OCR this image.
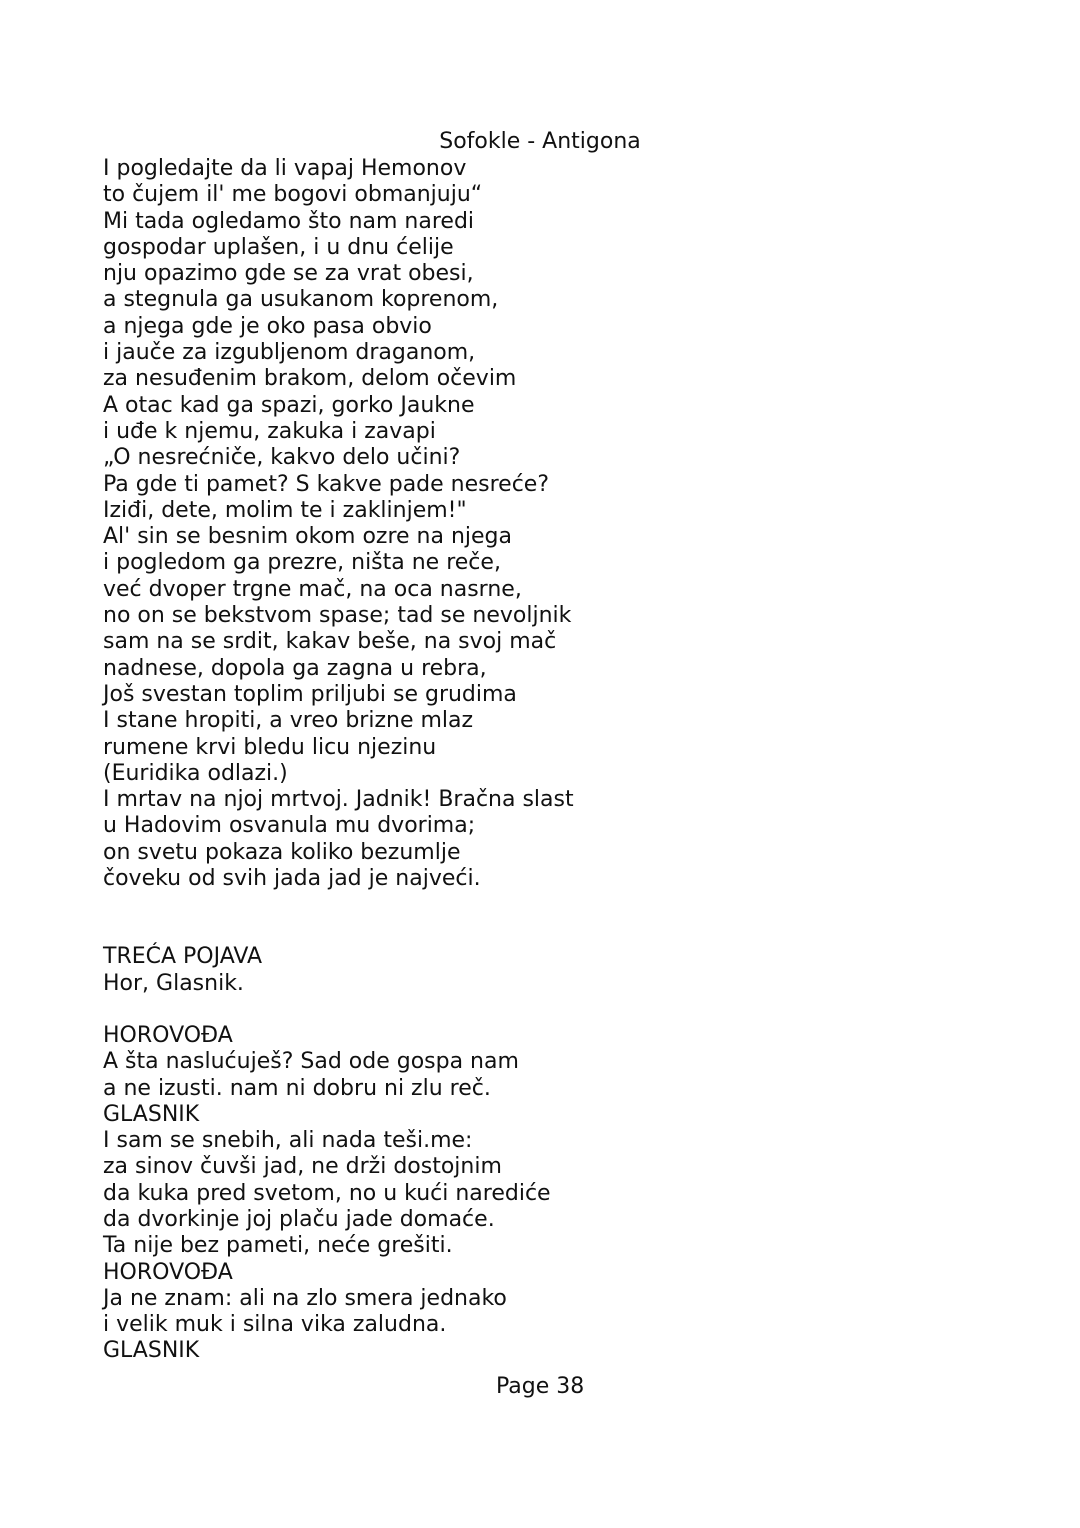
Sofokle - Antigona
I pogledajte da li vapaj Hemonov
to čujem il' me bogovi obmanjuju“
Mi tada ogledamo što nam naredi
gospodar uplašen, i u dnu ćelije
nju opazimo gde se za vrat obesi,
a stegnula ga usukanom koprenom,
a njega gde je oko pasa obvio
i jauče za izgubljenom draganom,
za nesuđenim brakom, delom očevim
A otac kad ga spazi, gorko Jaukne
i uđe k njemu, zakuka i zavapi
„O nesrećniče, kakvo delo učini?
Pa gde ti pamet? S kakve pade nesreće?
Iziđi, dete, molim te i zaklinjem!"
Al' sin se besnim okom ozre na njega
i pogledom ga prezre, ništa ne reče,
već dvoper trgne mač, na oca nasrne,
no on se bekstvom spase; tad se nevoljnik
sam na se srdit, kakav beše, na svoj mač
nadnese, dopola ga zagna u rebra,
Još svestan toplim priljubi se grudima
I stane hropiti, a vreo brizne mlaz
rumene krvi bledu licu njezinu
(Euridika odlazi.)
I mrtav na njoj mrtvoj. Jadnik! Bračna slast
u Hadovim osvanula mu dvorima;
on svetu pokaza koliko bezumlje
čoveku od svih jada jad je najveći.
TREĆA POJAVA
Hor, Glasnik.
HOROVOĐA
A šta naslućuješ? Sad ode gospa nam
a ne izusti. nam ni dobru ni zlu reč.
GLASNIK
I sam se snebih, ali nada teši.me:
za sinov čuvši jad, ne drži dostojnim
da kuka pred svetom, no u kući narediće
da dvorkinje joj plaču jade domaće.
Ta nije bez pameti, neće grešiti.
HOROVOĐA
Ja ne znam: ali na zlo smera jednako
i velik muk i silna vika zaludna.
GLASNIK
Page 38
